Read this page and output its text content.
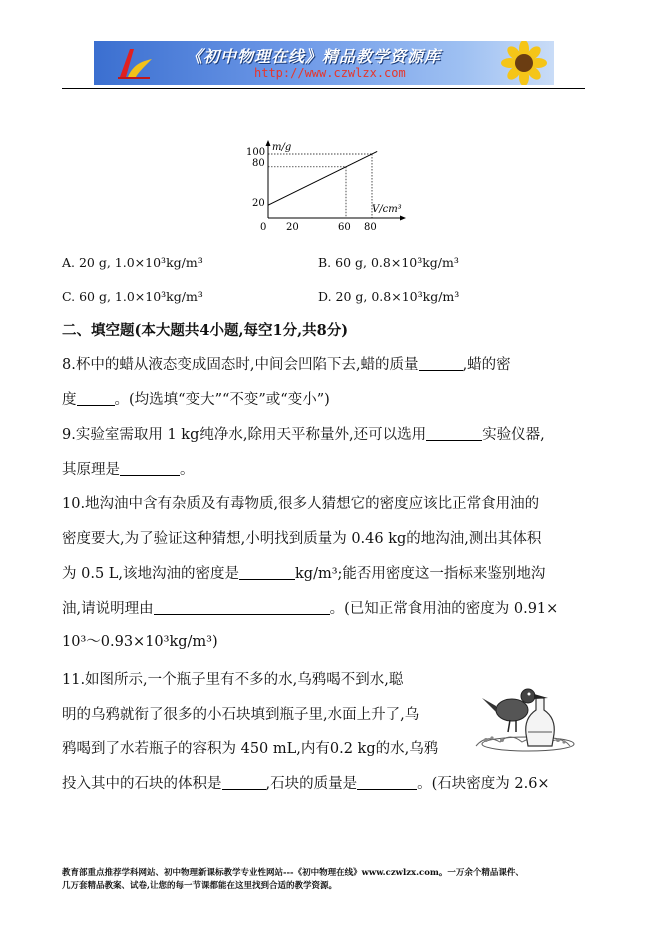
《初中物理在线》精品教学资源库
http://www.czwlzx.com
m/g
V/cm³
0
100
80
20
20	60 80
A. 20 g, 1.0×10³kg/m³	B. 60 g, 0.8×10³kg/m³
C. 60 g, 1.0×10³kg/m³	D. 20 g, 0.8×10³kg/m³
二、填空题(本大题共4小题,每空1分,共8分)
8.杯中的蜡从液态变成固态时,中间会凹陷下去,蜡的质量	,蜡的密
度	。(均选填“变大”“不变”或“变小”)
9.实验室需取用 1 kg纯净水,除用天平称量外,还可以选用	实验仪器,
其原理是	。
10.地沟油中含有杂质及有毒物质,很多人猜想它的密度应该比正常食用油的
密度要大,为了验证这种猜想,小明找到质量为 0.46 kg的地沟油,测出其体积
为 0.5 L,该地沟油的密度是	kg/m³;能否用密度这一指标来鉴别地沟
油,请说明理由	。(已知正常食用油的密度为 0.91×
10³～0.93×10³kg/m³)
11.如图所示,一个瓶子里有不多的水,乌鸦喝不到水,聪
明的乌鸦就衔了很多的小石块填到瓶子里,水面上升了,乌
鸦喝到了水若瓶子的容积为 450 mL,内有0.2 kg的水,乌鸦
投入其中的石块的体积是	,石块的质量是	。(石块密度为 2.6×
教育部重点推荐学科网站、初中物理新课标教学专业性网站---《初中物理在线》www.czwlzx.com。一万余个精品课件、
几万套精品教案、试卷,让您的每一节课都能在这里找到合适的教学资源。
